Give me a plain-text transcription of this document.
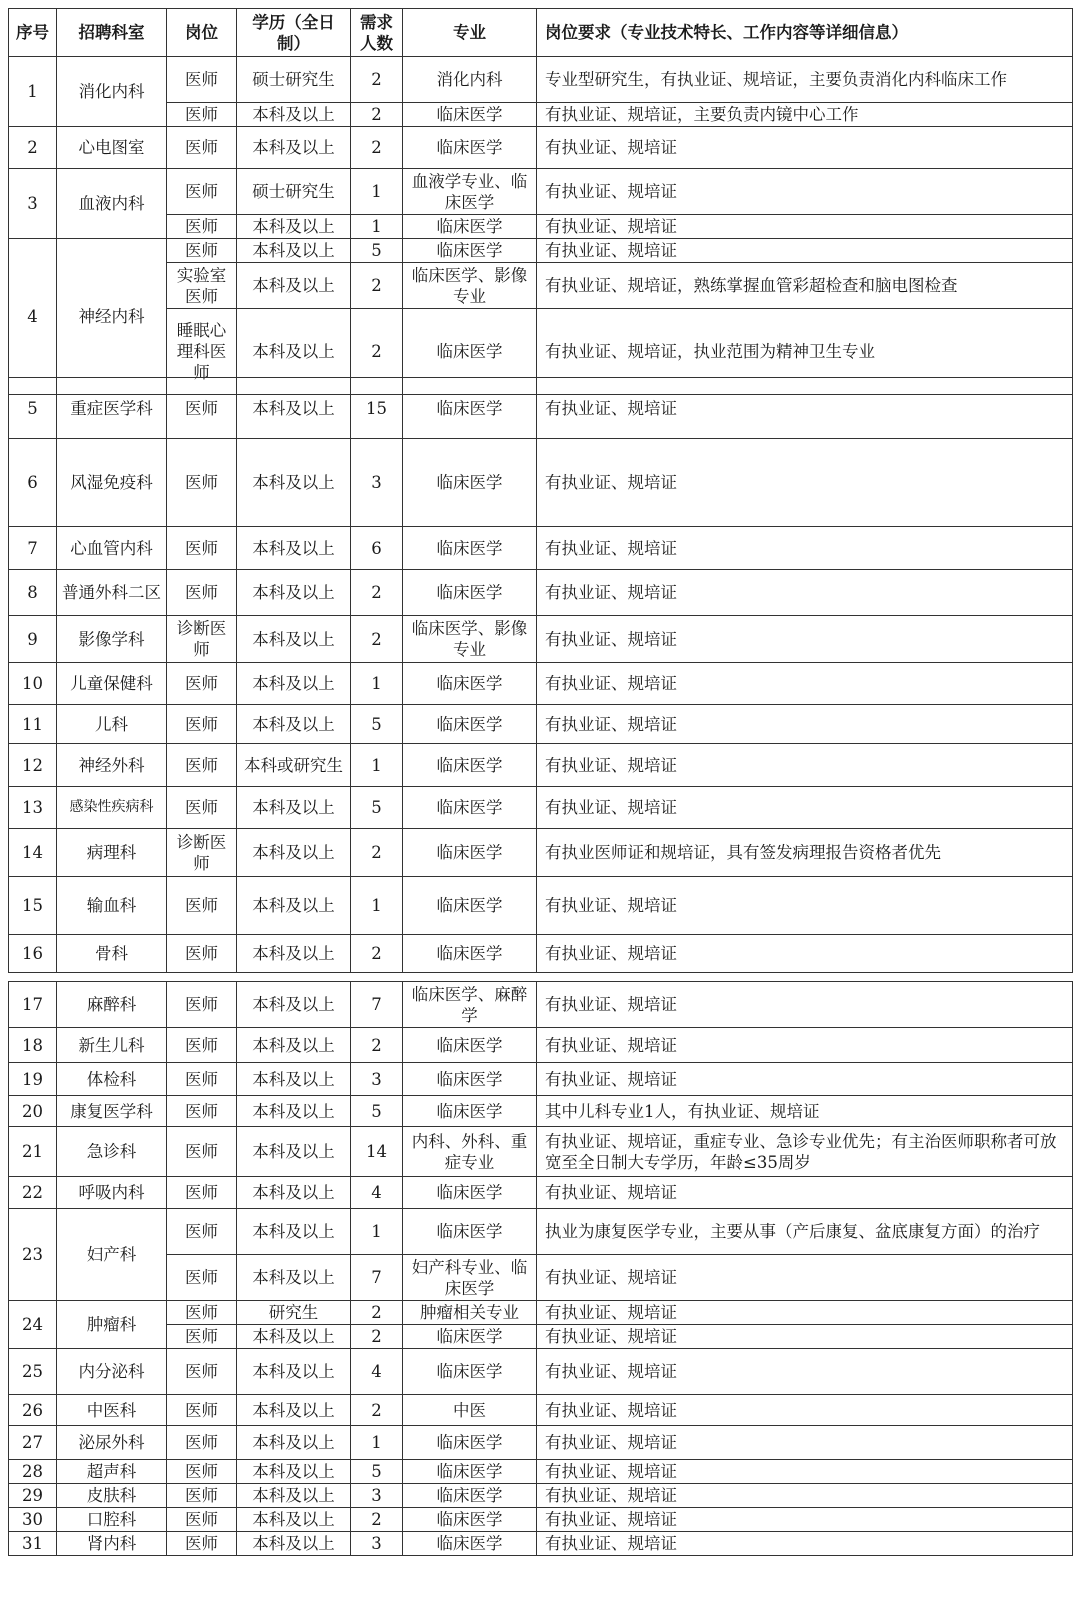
序号	招聘科室	岗位	学历（全日制）	需求人数	专业	岗位要求（专业技术特长、工作内容等详细信息）
1	消化内科	医师	硕士研究生	2	消化内科	专业型研究生，有执业证、规培证，主要负责消化内科临床工作
		医师	本科及以上	2	临床医学	有执业证、规培证，主要负责内镜中心工作
2	心电图室	医师	本科及以上	2	临床医学	有执业证、规培证
3	血液内科	医师	硕士研究生	1	血液学专业、临床医学	有执业证、规培证
		医师	本科及以上	1	临床医学	有执业证、规培证
4	神经内科	医师	本科及以上	5	临床医学	有执业证、规培证
		实验室医师	本科及以上	2	临床医学、影像专业	有执业证、规培证，熟练掌握血管彩超检查和脑电图检查
		睡眠心理科医师	本科及以上	2	临床医学	有执业证、规培证，执业范围为精神卫生专业
5	重症医学科	医师	本科及以上	15	临床医学	有执业证、规培证
6	风湿免疫科	医师	本科及以上	3	临床医学	有执业证、规培证
7	心血管内科	医师	本科及以上	6	临床医学	有执业证、规培证
8	普通外科二区	医师	本科及以上	2	临床医学	有执业证、规培证
9	影像学科	诊断医师	本科及以上	2	临床医学、影像专业	有执业证、规培证
10	儿童保健科	医师	本科及以上	1	临床医学	有执业证、规培证
11	儿科	医师	本科及以上	5	临床医学	有执业证、规培证
12	神经外科	医师	本科或研究生	1	临床医学	有执业证、规培证
13	感染性疾病科	医师	本科及以上	5	临床医学	有执业证、规培证
14	病理科	诊断医师	本科及以上	2	临床医学	有执业医师证和规培证，具有签发病理报告资格者优先
15	输血科	医师	本科及以上	1	临床医学	有执业证、规培证
16	骨科	医师	本科及以上	2	临床医学	有执业证、规培证
17	麻醉科	医师	本科及以上	7	临床医学、麻醉学	有执业证、规培证
18	新生儿科	医师	本科及以上	2	临床医学	有执业证、规培证
19	体检科	医师	本科及以上	3	临床医学	有执业证、规培证
20	康复医学科	医师	本科及以上	5	临床医学	其中儿科专业1人，有执业证、规培证
21	急诊科	医师	本科及以上	14	内科、外科、重症专业	有执业证、规培证，重症专业、急诊专业优先；有主治医师职称者可放宽至全日制大专学历，年龄≤35周岁
22	呼吸内科	医师	本科及以上	4	临床医学	有执业证、规培证
23	妇产科	医师	本科及以上	1	临床医学	执业为康复医学专业，主要从事（产后康复、盆底康复方面）的治疗
		医师	本科及以上	7	妇产科专业、临床医学	有执业证、规培证
24	肿瘤科	医师	研究生	2	肿瘤相关专业	有执业证、规培证
		医师	本科及以上	2	临床医学	有执业证、规培证
25	内分泌科	医师	本科及以上	4	临床医学	有执业证、规培证
26	中医科	医师	本科及以上	2	中医	有执业证、规培证
27	泌尿外科	医师	本科及以上	1	临床医学	有执业证、规培证
28	超声科	医师	本科及以上	5	临床医学	有执业证、规培证
29	皮肤科	医师	本科及以上	3	临床医学	有执业证、规培证
30	口腔科	医师	本科及以上	2	临床医学	有执业证、规培证
31	肾内科	医师	本科及以上	3	临床医学	有执业证、规培证
